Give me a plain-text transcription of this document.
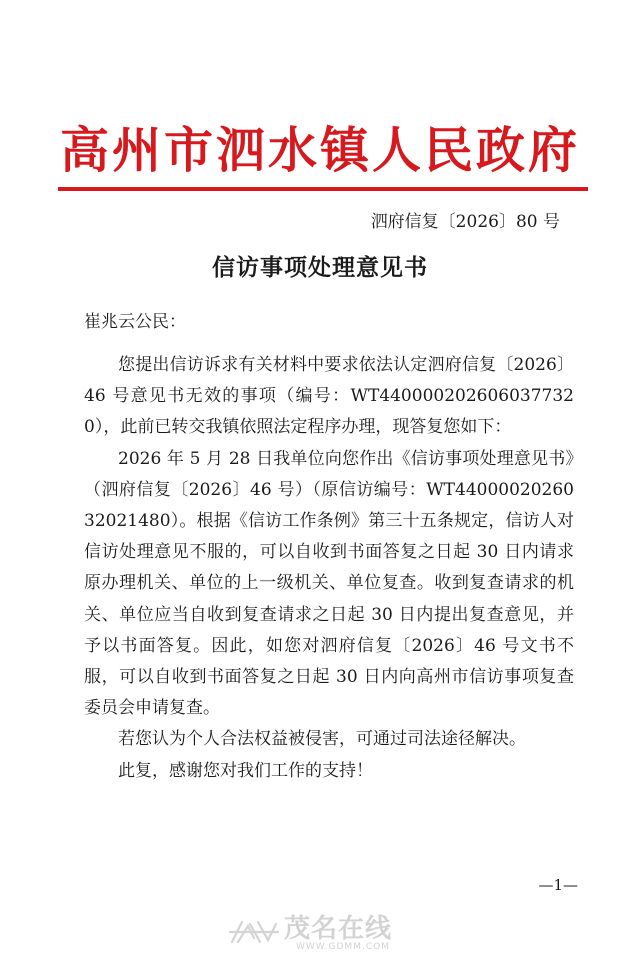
高州市泗水镇人民政府
泗府信复〔2026〕80 号
信访事项处理意见书
崔兆云公民：

您提出信访诉求有关材料中要求依法认定泗府信复〔2026〕46 号意见书无效的事项（编号：WT4400002026060377320），此前已转交我镇依照法定程序办理，现答复您如下：

2026 年 5 月 28 日我单位向您作出《信访事项处理意见书》（泗府信复〔2026〕46 号）（原信访编号：WT4400002026032021480）。根据《信访工作条例》第三十五条规定，信访人对信访处理意见不服的，可以自收到书面答复之日起 30 日内请求原办理机关、单位的上一级机关、单位复查。收到复查请求的机关、单位应当自收到复查请求之日起 30 日内提出复查意见，并予以书面答复。因此，如您对泗府信复〔2026〕46 号文书不服，可以自收到书面答复之日起 30 日内向高州市信访事项复查委员会申请复查。

若您认为个人合法权益被侵害，可通过司法途径解决。

此复，感谢您对我们工作的支持！

—1—
茂名在线
WWW.GDMM.COM
